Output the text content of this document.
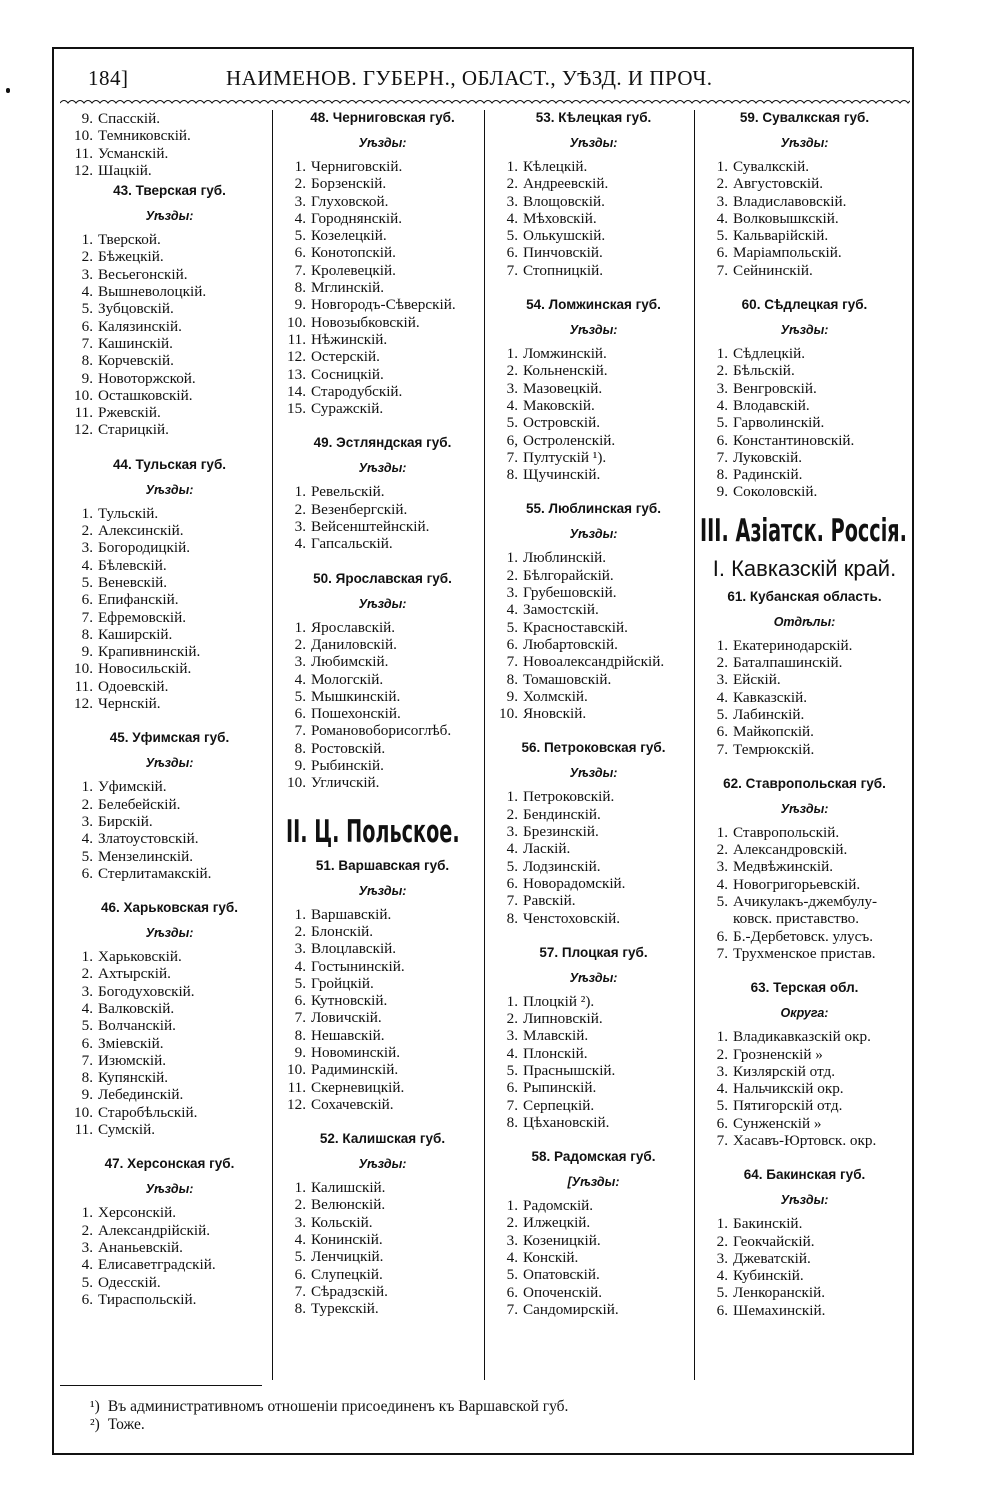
184]	НАИМЕНОВ. ГУБЕРН., ОБЛАСТ., УѢЗД. И ПРОЧ.
9. Спасскій.
10. Темниковскій.
11. Усманскій.
12. Шацкій.
43. Тверская губ.
Уѣзды:
1. Тверской.
2. Бѣжецкій.
3. Весьегонскій.
4. Вышневолоцкій.
5. Зубцовскій.
6. Калязинскій.
7. Кашинскій.
8. Корчевскій.
9. Новоторжской.
10. Осташковскій.
11. Ржевскій.
12. Старицкій.
44. Тульская губ.
Уѣзды:
1. Тульскій.
2. Алексинскій.
3. Богородицкій.
4. Бѣлевскій.
5. Веневскій.
6. Епифанскій.
7. Ефремовскій.
8. Каширскій.
9. Крапивнинскій.
10. Новосильскій.
11. Одоевскій.
12. Чернскій.
45. Уфимская губ.
Уѣзды:
1. Уфимскій.
2. Белебейскій.
3. Бирскій.
4. Златоустовскій.
5. Мензелинскій.
6. Стерлитамакскій.
46. Харьковская губ.
Уѣзды:
1. Харьковскій.
2. Ахтырскій.
3. Богодуховскій.
4. Валковскій.
5. Волчанскій.
6. Зміевскій.
7. Изюмскій.
8. Купянскій.
9. Лебединскій.
10. Старобѣльскій.
11. Сумскій.
47. Херсонская губ.
Уѣзды:
1. Херсонскій.
2. Александрійскій.
3. Ананьевскій.
4. Елисаветградскій.
5. Одесскій.
6. Тираспольскій.
48. Черниговская губ.
Уѣзды:
1. Черниговскій.
2. Борзенскій.
3. Глуховской.
4. Городнянскій.
5. Козелецкій.
6. Конотопскій.
7. Кролевецкій.
8. Мглинскій.
9. Новгородъ-Сѣверскій.
10. Новозыбковскій.
11. Нѣжинскій.
12. Остерскій.
13. Сосницкій.
14. Стародубскій.
15. Суражскій.
49. Эстляндская губ.
Уѣзды:
1. Ревельскій.
2. Везенбергскій.
3. Вейсенштейнскій.
4. Гапсальскій.
50. Ярославская губ.
Уѣзды:
1. Ярославскій.
2. Даниловскій.
3. Любимскій.
4. Мологскій.
5. Мышкинскій.
6. Пошехонскій.
7. Романовоборисоглѣб.
8. Ростовскій.
9. Рыбинскій.
10. Угличскій.
II. Ц. Польское.
51. Варшавская губ.
Уѣзды:
1. Варшавскій.
2. Блонскій.
3. Влоцлавскій.
4. Гостынинскій.
5. Гройцкій.
6. Кутновскій.
7. Ловичскій.
8. Нешавскій.
9. Новоминскій.
10. Радиминскій.
11. Скерневицкій.
12. Сохачевскій.
52. Калишская губ.
Уѣзды:
1. Калишскій.
2. Велюнскій.
3. Кольскій.
4. Конинскій.
5. Ленчицкій.
6. Слупецкій.
7. Сѣрадзскій.
8. Турекскій.
53. Кѣлецкая губ.
Уѣзды:
1. Кѣлецкій.
2. Андреевскій.
3. Влощовскій.
4. Мѣховскій.
5. Олькушскій.
6. Пинчовскій.
7. Стопницкій.
54. Ломжинская губ.
Уѣзды:
1. Ломжинскій.
2. Кольненскій.
3. Мазовецкій.
4. Маковскій.
5. Островскій.
6, Остроленскій.
7. Пултускій ¹).
8. Щучинскій.
55. Люблинская губ.
Уѣзды:
1. Люблинскій.
2. Бѣлгорайскій.
3. Грубешовскій.
4. Замостскій.
5. Красноставскій.
6. Любартовскій.
7. Новоалександрійскій.
8. Томашовскій.
9. Холмскій.
10. Яновскій.
56. Петроковская губ.
Уѣзды:
1. Петроковскій.
2. Бендинскій.
3. Брезинскій.
4. Ласкій.
5. Лодзинскій.
6. Новорадомскій.
7. Равскій.
8. Ченстоховскій.
57. Плоцкая губ.
Уѣзды:
1. Плоцкій ²).
2. Липновскій.
3. Млавскій.
4. Плонскій.
5. Праснышскій.
6. Рыпинскій.
7. Серпецкій.
8. Цѣхановскій.
58. Радомская губ.
[Уѣзды:
1. Радомскій.
2. Илжецкій.
3. Козеницкій.
4. Конскій.
5. Опатовскій.
6. Опоченскій.
7. Сандомирскій.
59. Сувалкская губ.
Уѣзды:
1. Сувалкскій.
2. Августовскій.
3. Владиславовскій.
4. Волковышкскій.
5. Кальварійскій.
6. Маріампольскій.
7. Сейнинскій.
60. Сѣдлецкая губ.
Уѣзды:
1. Сѣдлецкій.
2. Бѣльскій.
3. Венгровскій.
4. Влодавскій.
5. Гарволинскій.
6. Константиновскій.
7. Луковскій.
8. Радинскій.
9. Соколовскій.
III. Азіатск. Россія.
I. Кавказскій край.
61. Кубанская область.
Отдѣлы:
1. Екатеринодарскій.
2. Баталпашинскій.
3. Ейскій.
4. Кавказскій.
5. Лабинскій.
6. Майкопскій.
7. Темрюкскій.
62. Ставропольская губ.
Уѣзды:
1. Ставропольскій.
2. Александровскій.
3. Медвѣжинскій.
4. Новогригорьевскій.
5. Ачикулакъ-джембулу-
ковск. приставство.
6. Б.-Дербетовск. улусъ.
7. Трухменское пристав.
63. Терская обл.
Округа:
1. Владикавказскій окр.
2. Грозненскій »
3. Кизлярскій отд.
4. Нальчикскій окр.
5. Пятигорскій отд.
6. Сунженскій »
7. Хасавъ-Юртовск. окр.
64. Бакинская губ.
Уѣзды:
1. Бакинскій.
2. Геокчайскій.
3. Джеватскій.
4. Кубинскій.
5. Ленкоранскій.
6. Шемахинскій.
¹) Въ административномъ отношеніи присоединенъ къ Варшавской губ.
²) Тоже.
